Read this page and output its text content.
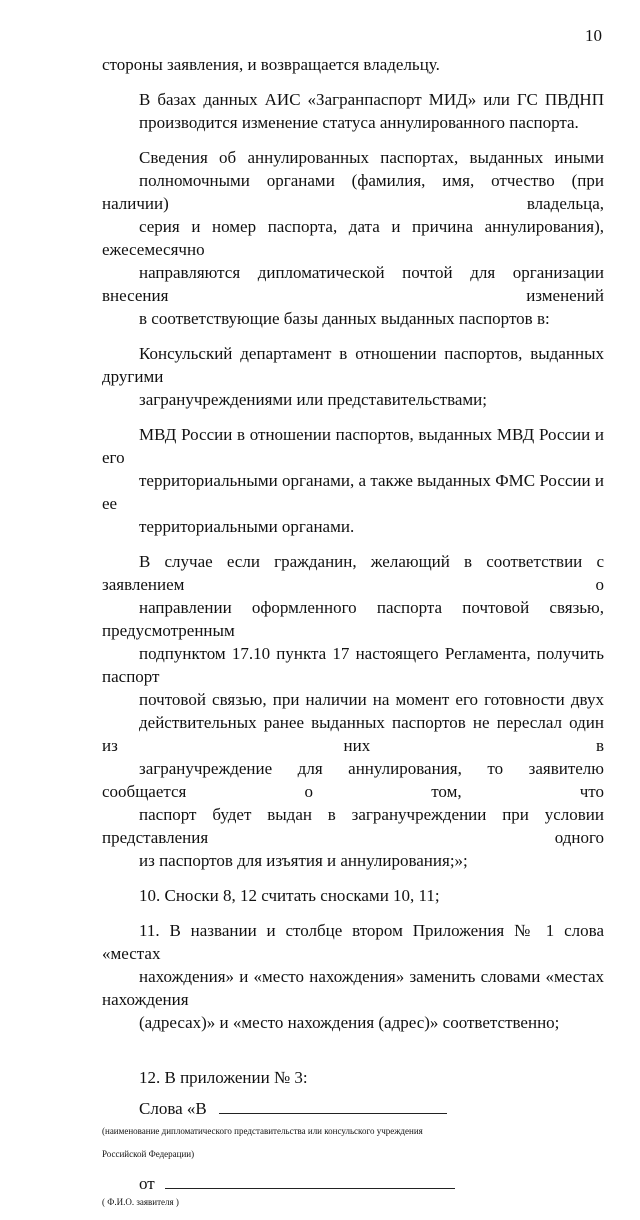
10

стороны заявления, и возвращается владельцу.

В базах данных АИС «Загранпаспорт МИД» или ГС ПВДНП
производится изменение статуса аннулированного паспорта.

Сведения об аннулированных паспортах, выданных иными
полномочными органами (фамилия, имя, отчество (при наличии) владельца,
серия и номер паспорта, дата и причина аннулирования), ежесемесячно
направляются дипломатической почтой для организации внесения изменений
в соответствующие базы данных выданных паспортов в:

Консульский департамент в отношении паспортов, выданных другими
загранучреждениями или представительствами;

МВД России в отношении паспортов, выданных МВД России и его
территориальными органами, а также выданных ФМС России и ее
территориальными органами.

В случае если гражданин, желающий в соответствии с заявлением о
направлении оформленного паспорта почтовой связью, предусмотренным
подпунктом 17.10 пункта 17 настоящего Регламента, получить паспорт
почтовой связью, при наличии на момент его готовности двух
действительных ранее выданных паспортов не переслал один из них в
загранучреждение для аннулирования, то заявителю сообщается о том, что
паспорт будет выдан в загранучреждении при условии представления одного
из паспортов для изъятия и аннулирования;»;

10. Сноски 8, 12 считать сносками 10, 11;

11. В названии и столбце втором Приложения № 1 слова «местах
нахождения» и «место нахождения» заменить словами «местах нахождения
(адресах)» и «место нахождения (адрес)» соответственно;

12. В приложении № 3:

Слова «В

(наименование дипломатического представительства или консульского учреждения

Российской Федерации)

от

( Ф.И.О. заявителя )
